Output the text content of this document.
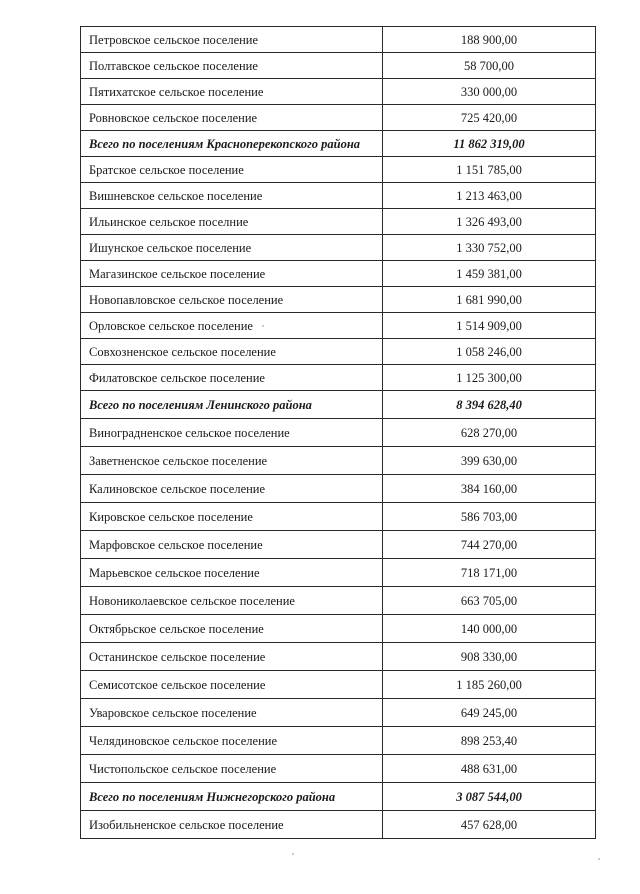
Петровское сельское поселение	188 900,00
Полтавское сельское поселение	58 700,00
Пятихатское сельское поселение	330 000,00
Ровновское сельское поселение	725 420,00
Всего по поселениям Красноперекопского района	11 862 319,00
Братское сельское поселение	1 151 785,00
Вишневское сельское поселение	1 213 463,00
Ильинское сельское поселние	1 326 493,00
Ишунское сельское поселение	1 330 752,00
Магазинское сельское поселение	1 459 381,00
Новопавловское сельское поселение	1 681 990,00
Орловское сельское поселение	1 514 909,00
Совхозненское сельское поселение	1 058 246,00
Филатовское сельское поселение	1 125 300,00
Всего по поселениям Ленинского района	8 394 628,40
Виноградненское сельское поселение	628 270,00
Заветненское сельское поселение	399 630,00
Калиновское сельское поселение	384 160,00
Кировское сельское поселение	586 703,00
Марфовское сельское поселение	744 270,00
Марьевское сельское поселение	718 171,00
Новониколаевское сельское поселение	663 705,00
Октябрьское сельское поселение	140 000,00
Останинское сельское поселение	908 330,00
Семисотское сельское поселение	1 185 260,00
Уваровское сельское поселение	649 245,00
Челядиновское сельское поселение	898 253,40
Чистопольское сельское поселение	488 631,00
Всего по поселениям Нижнегорского района	3 087 544,00
Изобильненское сельское поселение	457 628,00
